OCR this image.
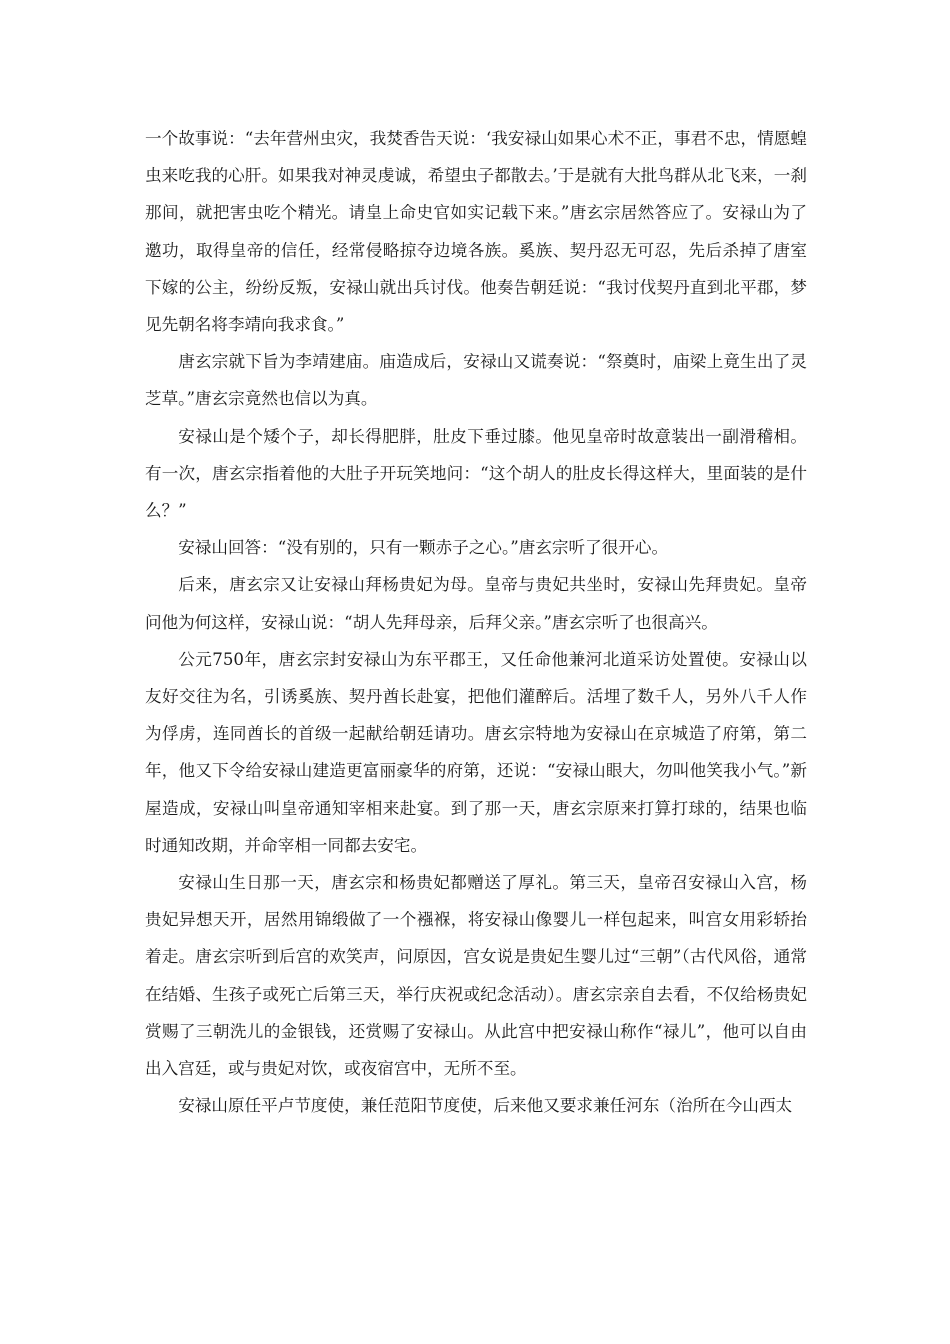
一个故事说：“去年营州虫灾，我焚香告天说：‘我安禄山如果心术不正，事君不忠，情愿蝗虫来吃我的心肝。如果我对神灵虔诚，希望虫子都散去。’于是就有大批鸟群从北飞来，一刹那间，就把害虫吃个精光。请皇上命史官如实记载下来。”唐玄宗居然答应了。安禄山为了邀功，取得皇帝的信任，经常侵略掠夺边境各族。奚族、契丹忍无可忍，先后杀掉了唐室下嫁的公主，纷纷反叛，安禄山就出兵讨伐。他奏告朝廷说：“我讨伐契丹直到北平郡，梦见先朝名将李靖向我求食。”

唐玄宗就下旨为李靖建庙。庙造成后，安禄山又谎奏说：“祭奠时，庙梁上竟生出了灵芝草。”唐玄宗竟然也信以为真。

安禄山是个矮个子，却长得肥胖，肚皮下垂过膝。他见皇帝时故意装出一副滑稽相。有一次，唐玄宗指着他的大肚子开玩笑地问：“这个胡人的肚皮长得这样大，里面装的是什么？”

安禄山回答：“没有别的，只有一颗赤子之心。”唐玄宗听了很开心。

后来，唐玄宗又让安禄山拜杨贵妃为母。皇帝与贵妃共坐时，安禄山先拜贵妃。皇帝问他为何这样，安禄山说：“胡人先拜母亲，后拜父亲。”唐玄宗听了也很高兴。

公元750年，唐玄宗封安禄山为东平郡王，又任命他兼河北道采访处置使。安禄山以友好交往为名，引诱奚族、契丹酋长赴宴，把他们灌醉后。活埋了数千人，另外八千人作为俘虏，连同酋长的首级一起献给朝廷请功。唐玄宗特地为安禄山在京城造了府第，第二年，他又下令给安禄山建造更富丽豪华的府第，还说：“安禄山眼大，勿叫他笑我小气。”新屋造成，安禄山叫皇帝通知宰相来赴宴。到了那一天，唐玄宗原来打算打球的，结果也临时通知改期，并命宰相一同都去安宅。

安禄山生日那一天，唐玄宗和杨贵妃都赠送了厚礼。第三天，皇帝召安禄山入宫，杨贵妃异想天开，居然用锦缎做了一个襁褓，将安禄山像婴儿一样包起来，叫宫女用彩轿抬着走。唐玄宗听到后宫的欢笑声，问原因，宫女说是贵妃生婴儿过“三朝”（古代风俗，通常在结婚、生孩子或死亡后第三天，举行庆祝或纪念活动）。唐玄宗亲自去看，不仅给杨贵妃赏赐了三朝洗儿的金银钱，还赏赐了安禄山。从此宫中把安禄山称作“禄儿”，他可以自由出入宫廷，或与贵妃对饮，或夜宿宫中，无所不至。

安禄山原任平卢节度使，兼任范阳节度使，后来他又要求兼任河东（治所在今山西太
